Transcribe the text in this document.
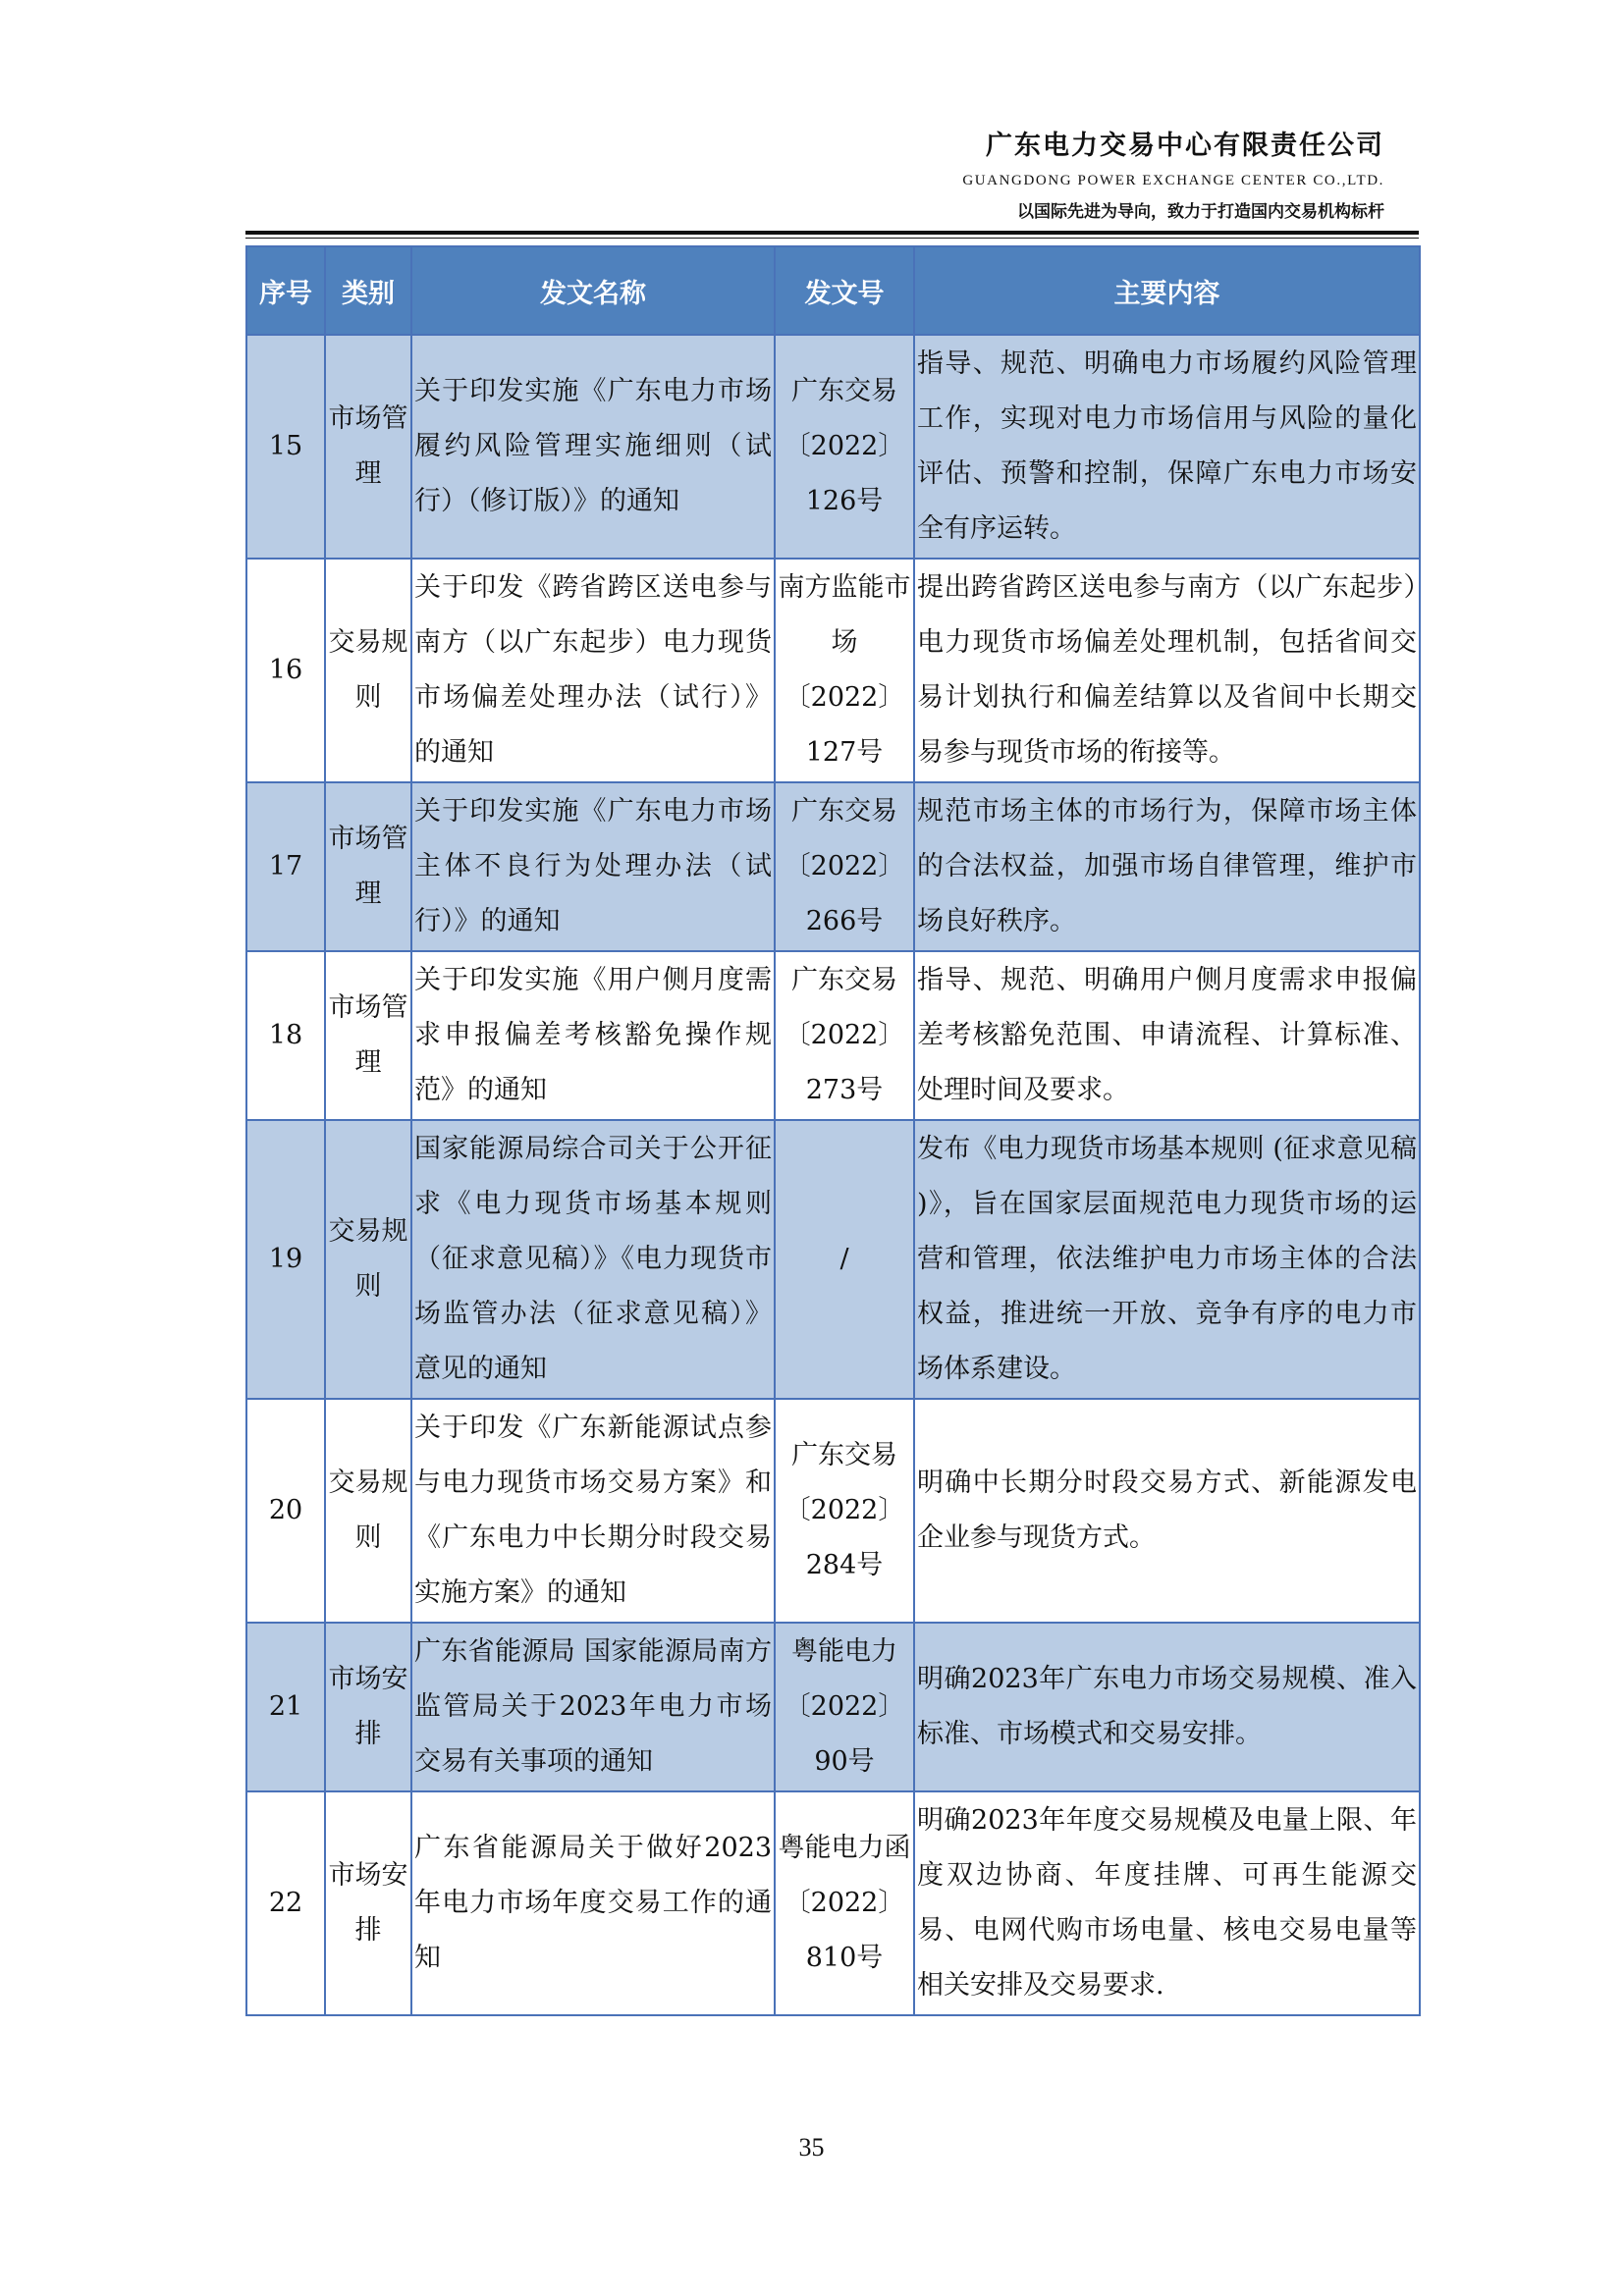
广东电力交易中心有限责任公司
GUANGDONG POWER EXCHANGE CENTER CO.,LTD.
以国际先进为导向，致力于打造国内交易机构标杆
序号	类别	发文名称	发文号	主要内容
15	市场管理	关于印发实施《广东电力市场履约风险管理实施细则（试行）（修订版）》的通知	广东交易〔2022〕126号	指导、规范、明确电力市场履约风险管理工作，实现对电力市场信用与风险的量化评估、预警和控制，保障广东电力市场安全有序运转。
16	交易规则	关于印发《跨省跨区送电参与南方（以广东起步）电力现货市场偏差处理办法（试行）》的通知	南方监能市场〔2022〕127号	提出跨省跨区送电参与南方（以广东起步）电力现货市场偏差处理机制，包括省间交易计划执行和偏差结算以及省间中长期交易参与现货市场的衔接等。
17	市场管理	关于印发实施《广东电力市场主体不良行为处理办法（试行）》的通知	广东交易〔2022〕266号	规范市场主体的市场行为，保障市场主体的合法权益，加强市场自律管理，维护市场良好秩序。
18	市场管理	关于印发实施《用户侧月度需求申报偏差考核豁免操作规范》的通知	广东交易〔2022〕273号	指导、规范、明确用户侧月度需求申报偏差考核豁免范围、申请流程、计算标准、处理时间及要求。
19	交易规则	国家能源局综合司关于公开征求《电力现货市场基本规则（征求意见稿）》《电力现货市场监管办法（征求意见稿）》意见的通知	/	发布《电力现货市场基本规则 (征求意见稿 )》，旨在国家层面规范电力现货市场的运营和管理，依法维护电力市场主体的合法权益，推进统一开放、竞争有序的电力市场体系建设。
20	交易规则	关于印发《广东新能源试点参与电力现货市场交易方案》和《广东电力中长期分时段交易实施方案》的通知	广东交易〔2022〕284号	明确中长期分时段交易方式、新能源发电企业参与现货方式。
21	市场安排	广东省能源局 国家能源局南方监管局关于2023年电力市场交易有关事项的通知	粤能电力〔2022〕90号	明确2023年广东电力市场交易规模、准入标准、市场模式和交易安排。
22	市场安排	广东省能源局关于做好2023年电力市场年度交易工作的通知	粤能电力函〔2022〕810号	明确2023年年度交易规模及电量上限、年度双边协商、年度挂牌、可再生能源交易、电网代购市场电量、核电交易电量等相关安排及交易要求.
35
